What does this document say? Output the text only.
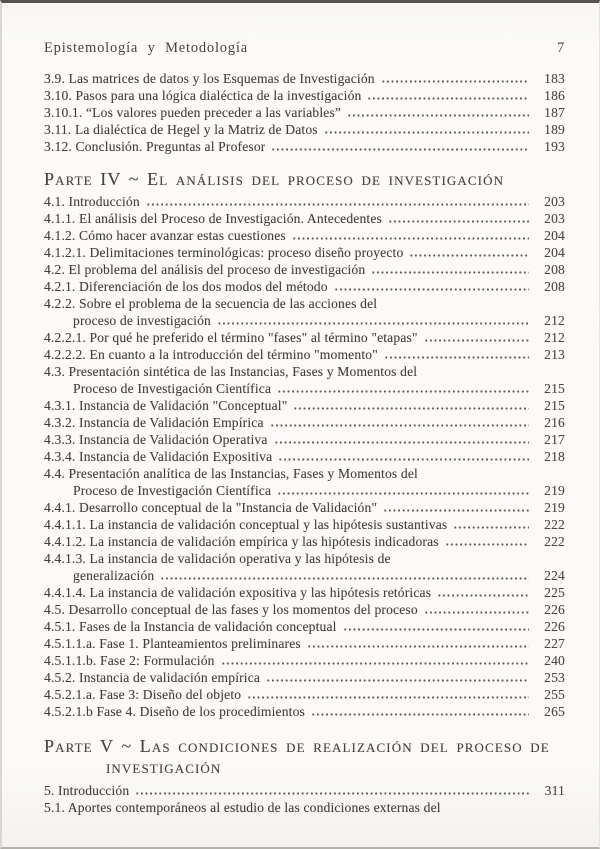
Epistemología y Metodología	7
3.9. Las matrices de datos y los Esquemas de Investigación	183
3.10. Pasos para una lógica dialéctica de la investigación	186
3.10.1. “Los valores pueden preceder a las variables”	187
3.11. La dialéctica de Hegel y la Matriz de Datos	189
3.12. Conclusión. Preguntas al Profesor	193
Parte IV ~ El análisis del proceso de investigación
4.1. Introducción	203
4.1.1. El análisis del Proceso de Investigación. Antecedentes	203
4.1.2. Cómo hacer avanzar estas cuestiones	204
4.1.2.1. Delimitaciones terminológicas: proceso diseño proyecto	204
4.2. El problema del análisis del proceso de investigación	208
4.2.1. Diferenciación de los dos modos del método	208
4.2.2. Sobre el problema de la secuencia de las acciones del
proceso de investigación	212
4.2.2.1. Por qué he preferido el término "fases" al término "etapas"	212
4.2.2.2. En cuanto a la introducción del término "momento"	213
4.3. Presentación sintética de las Instancias, Fases y Momentos del
Proceso de Investigación Científica	215
4.3.1. Instancia de Validación "Conceptual"	215
4.3.2. Instancia de Validación Empírica	216
4.3.3. Instancia de Validación Operativa	217
4.3.4. Instancia de Validación Expositiva	218
4.4. Presentación analítica de las Instancias, Fases y Momentos del
Proceso de Investigación Científica	219
4.4.1. Desarrollo conceptual de la "Instancia de Validación"	219
4.4.1.1. La instancia de validación conceptual y las hipótesis sustantivas	222
4.4.1.2. La instancia de validación empírica y las hipótesis indicadoras	222
4.4.1.3. La instancia de validación operativa y las hipótesis de
generalización	224
4.4.1.4. La instancia de validación expositiva y las hipótesis retóricas	225
4.5. Desarrollo conceptual de las fases y los momentos del proceso	226
4.5.1. Fases de la Instancia de validación conceptual	226
4.5.1.1.a. Fase 1. Planteamientos preliminares	227
4.5.1.1.b. Fase 2: Formulación	240
4.5.2. Instancia de validación empírica	253
4.5.2.1.a. Fase 3: Diseño del objeto	255
4.5.2.1.b Fase 4. Diseño de los procedimientos	265
Parte V ~ Las condiciones de realización del proceso de
investigación
5. Introducción	311
5.1. Aportes contemporáneos al estudio de las condiciones externas del
